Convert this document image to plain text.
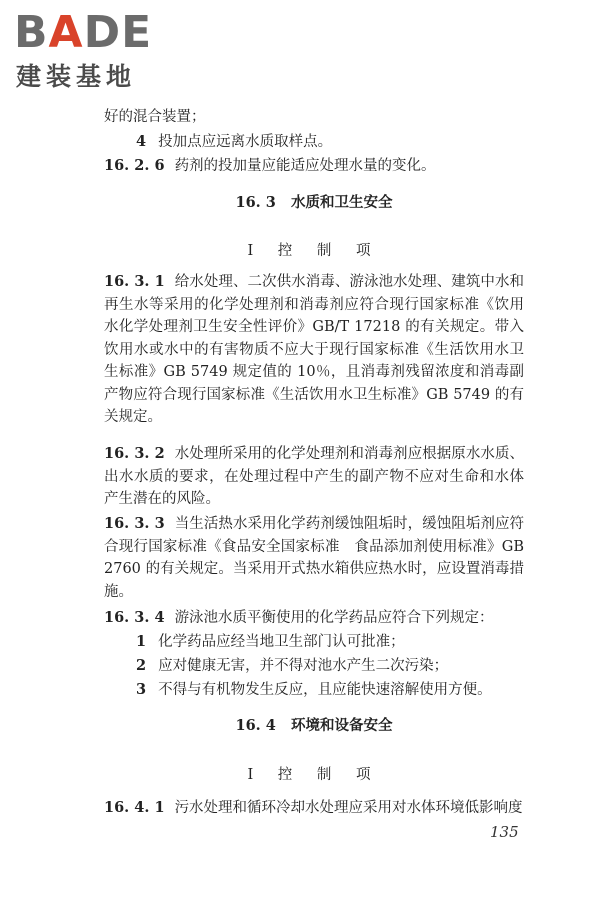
BADE
建装基地
好的混合装置；
4 投加点应远离水质取样点。
16. 2. 6 药剂的投加量应能适应处理水量的变化。
16. 3 水质和卫生安全
Ⅰ 控 制 项
16. 3. 1 给水处理、二次供水消毒、游泳池水处理、建筑中水和再生水等采用的化学处理剂和消毒剂应符合现行国家标准《饮用水化学处理剂卫生安全性评价》GB/T 17218 的有关规定。带入饮用水或水中的有害物质不应大于现行国家标准《生活饮用水卫生标准》GB 5749 规定值的 10％，且消毒剂残留浓度和消毒副产物应符合现行国家标准《生活饮用水卫生标准》GB 5749 的有关规定。
16. 3. 2 水处理所采用的化学处理剂和消毒剂应根据原水水质、出水水质的要求，在处理过程中产生的副产物不应对生命和水体产生潜在的风险。
16. 3. 3 当生活热水采用化学药剂缓蚀阻垢时，缓蚀阻垢剂应符合现行国家标准《食品安全国家标准　食品添加剂使用标准》GB 2760 的有关规定。当采用开式热水箱供应热水时，应设置消毒措施。
16. 3. 4 游泳池水质平衡使用的化学药品应符合下列规定：
1 化学药品应经当地卫生部门认可批准；
2 应对健康无害，并不得对池水产生二次污染；
3 不得与有机物发生反应，且应能快速溶解使用方便。
16. 4 环境和设备安全
Ⅰ 控 制 项
16. 4. 1 污水处理和循环冷却水处理应采用对水体环境低影响度
135
